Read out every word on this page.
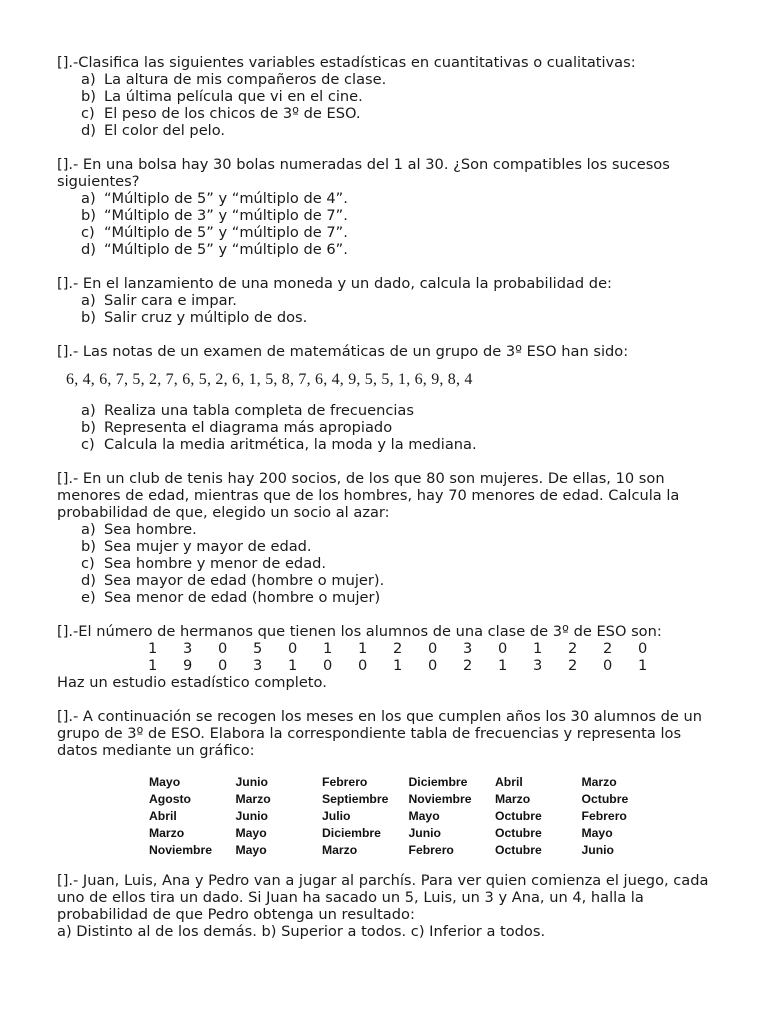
[].-Clasifica las siguientes variables estadísticas en cuantitativas o cualitativas:

a) La altura de mis compañeros de clase.
b) La última película que vi en el cine.
c) El peso de los chicos de 3º de ESO.
d) El color del pelo.

[].- En una bolsa hay 30 bolas numeradas del 1 al 30. ¿Son compatibles los sucesos siguientes?

a) “Múltiplo de 5” y “múltiplo de 4”.
b) “Múltiplo de 3” y “múltiplo de 7”.
c) “Múltiplo de 5” y “múltiplo de 7”.
d) “Múltiplo de 5” y “múltiplo de 6”.

[].- En el lanzamiento de una moneda y un dado, calcula la probabilidad de:

a) Salir cara e impar.
b) Salir cruz y múltiplo de dos.

[].- Las notas de un examen de matemáticas de un grupo de 3º ESO han sido:

6, 4, 6, 7, 5, 2, 7, 6, 5, 2, 6, 1, 5, 8, 7, 6, 4, 9, 5, 5, 1, 6, 9, 8, 4
a) Realiza una tabla completa de frecuencias
b) Representa el diagrama más apropiado
c) Calcula la media aritmética, la moda y la mediana.

[].- En un club de tenis hay 200 socios, de los que 80 son mujeres. De ellas, 10 son menores de edad, mientras que de los hombres, hay 70 menores de edad. Calcula la probabilidad de que, elegido un socio al azar:

a) Sea hombre.
b) Sea mujer y mayor de edad.
c) Sea hombre y menor de edad.
d) Sea mayor de edad (hombre o mujer).
e) Sea menor de edad (hombre o mujer)

[].-El número de hermanos que tienen los alumnos de una clase de 3º de ESO son:

1	3	0	5	0	1	1	2	0	3	0	1	2	2	0
1	9	0	3	1	0	0	1	0	2	1	3	2	0	1

Haz un estudio estadístico completo.

[].- A continuación se recogen los meses en los que cumplen años los 30 alumnos de un grupo de 3º de ESO. Elabora la correspondiente tabla de frecuencias y representa los datos mediante un gráfico:

Mayo	Junio	Febrero	Diciembre	Abril	Marzo
Agosto	Marzo	Septiembre	Noviembre	Marzo	Octubre
Abril	Junio	Julio	Mayo	Octubre	Febrero
Marzo	Mayo	Diciembre	Junio	Octubre	Mayo
Noviembre	Mayo	Marzo	Febrero	Octubre	Junio

[].- Juan, Luis, Ana y Pedro van a jugar al parchís. Para ver quien comienza el juego, cada uno de ellos tira un dado. Si Juan ha sacado un 5, Luis, un 3 y Ana, un 4, halla la probabilidad de que Pedro obtenga un resultado:

a) Distinto al de los demás. b) Superior a todos. c) Inferior a todos.
